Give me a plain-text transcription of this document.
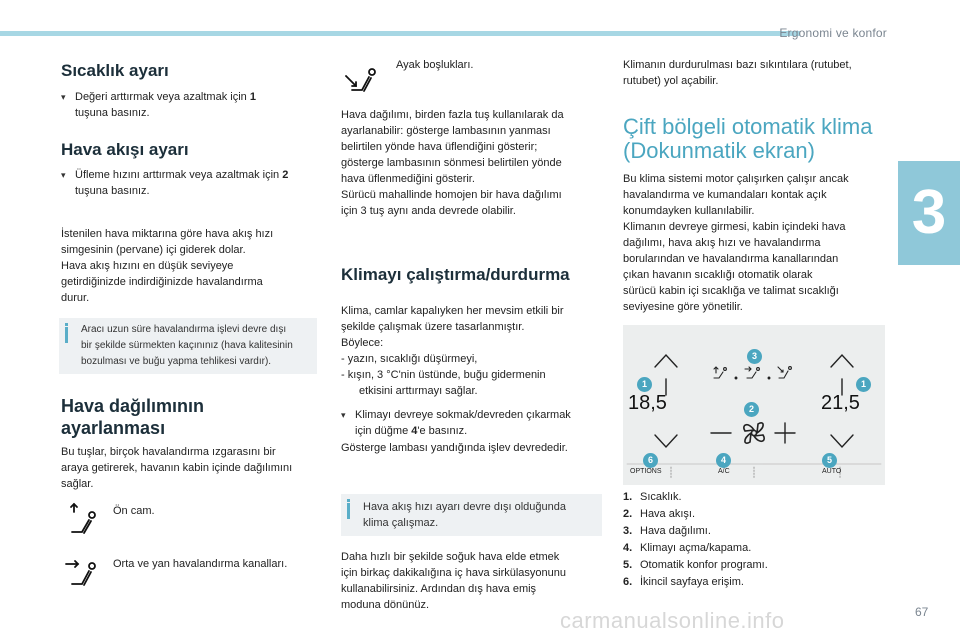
Ergonomi ve konfor
3
Sıcaklık ayarı
▾ Değeri arttırmak veya azaltmak için 1
tuşuna basınız.
Hava akışı ayarı
▾ Üfleme hızını arttırmak veya azaltmak için 2
tuşuna basınız.

İstenilen hava miktarına göre hava akış hızı

simgesinin (pervane) içi giderek dolar.

Hava akış hızını en düşük seviyeye

getirdiğinizde indirdiğinizde havalandırma

durur.

Aracı uzun süre havalandırma işlevi devre dışı
bir şekilde sürmekten kaçınınız (hava kalitesinin
bozulması ve buğu yapma tehlikesi vardır).
Hava dağılımının
ayarlanması

Bu tuşlar, birçok havalandırma ızgarasını bir

araya getirerek, havanın kabin içinde dağılımını

sağlar.

Ön cam.

Orta ve yan havalandırma kanalları.

Ayak boşlukları.

Hava dağılımı, birden fazla tuş kullanılarak da

ayarlanabilir: gösterge lambasının yanması

belirtilen yönde hava üflendiğini gösterir;

gösterge lambasının sönmesi belirtilen yönde

hava üflenmediğini gösterir.

Sürücü mahallinde homojen bir hava dağılımı

için 3 tuş aynı anda devrede olabilir.

Klimayı çalıştırma/durdurma

Klima, camlar kapalıyken her mevsim etkili bir

şekilde çalışmak üzere tasarlanmıştır.

Böylece:

- yazın, sıcaklığı düşürmeyi,

- kışın, 3 °C'nin üstünde, buğu gidermenin

etkisini arttırmayı sağlar.

▾ Klimayı devreye sokmak/devreden çıkarmak
için düğme 4'e basınız.

Gösterge lambası yandığında işlev devrededir.

Hava akış hızı ayarı devre dışı olduğunda
klima çalışmaz.

Daha hızlı bir şekilde soğuk hava elde etmek

için birkaç dakikalığına iç hava sirkülasyonunu

kullanabilirsiniz. Ardından dış hava emiş

moduna dönünüz.

Klimanın durdurulması bazı sıkıntılara (rutubet,

rutubet) yol açabilir.

Çift bölgeli otomatik klima
(Dokunmatik ekran)

Bu klima sistemi motor çalışırken çalışır ancak

havalandırma ve kumandaları kontak açık

konumdayken kullanılabilir.

Klimanın devreye girmesi, kabin içindeki hava

dağılımı, hava akış hızı ve havalandırma

borularından ve havalandırma kanallarından

çıkan havanın sıcaklığı otomatik olarak

sürücü kabin içi sıcaklığa ve talimat sıcaklığı

seviyesine göre yönetilir.

18,5	21,5
OPTIONS	A/C	AUTO
1	1
2
3
4	5
6
1. Sıcaklık.
2. Hava akışı.
3. Hava dağılımı.
4. Klimayı açma/kapama.
5. Otomatik konfor programı.
6. İkincil sayfaya erişim.
carmanualsonline.info	67
